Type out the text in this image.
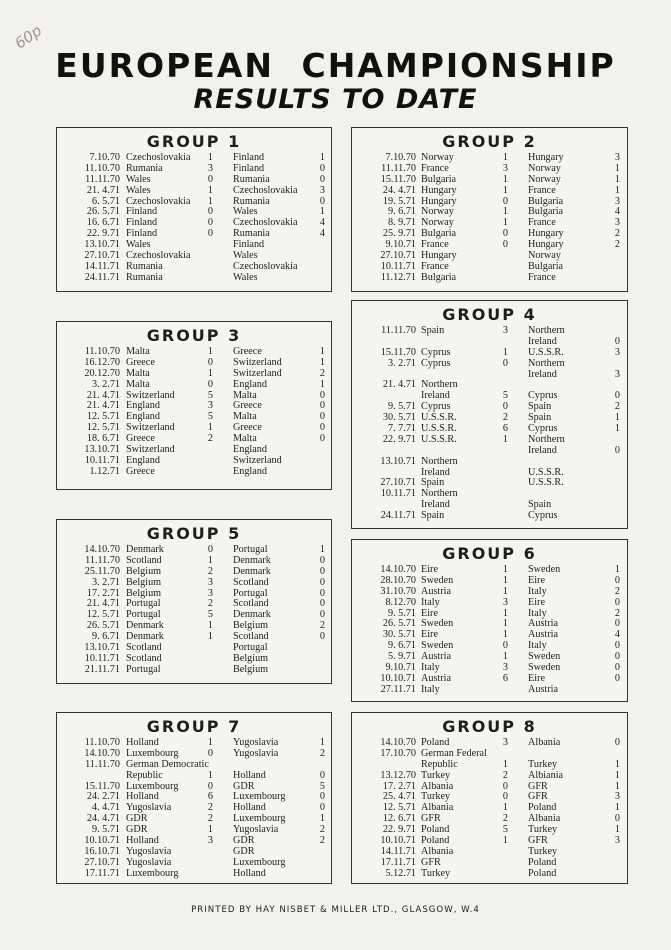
60p
EUROPEAN CHAMPIONSHIP
RESULTS TO DATE
GROUP 1
7.10.70 Czechoslovakia	1 Finland	1
11.10.70 Rumania	3 Finland	0
11.11.70 Wales	0 Rumania	0
21. 4.71 Wales	1 Czechoslovakia	3
6. 5.71 Czechoslovakia	1 Rumania	0
26. 5.71 Finland	0 Wales	1
16. 6.71 Finland	0 Czechoslovakia	4
22. 9.71 Finland	0 Rumania	4
13.10.71 Wales	Finland
27.10.71 Czechoslovakia	Wales
14.11.71 Rumania	Czechoslovakia
24.11.71 Rumania	Wales
GROUP 2
7.10.70 Norway	1 Hungary	3
11.11.70 France	3 Norway	1
15.11.70 Bulgaria	1 Norway	1
24. 4.71 Hungary	1 France	1
19. 5.71 Hungary	0 Bulgaria	3
9. 6.71 Norway	1 Bulgaria	4
8. 9.71 Norway	1 France	3
25. 9.71 Bulgaria	0 Hungary	2
9.10.71 France	0 Hungary	2
27.10.71 Hungary	Norway
10.11.71 France	Bulgaria
11.12.71 Bulgaria	France
GROUP 3
11.10.70 Malta	1 Greece	1
16.12.70 Greece	0 Switzerland	1
20.12.70 Malta	1 Switzerland	2
3. 2.71 Malta	0 England	1
21. 4.71 Switzerland	5 Malta	0
21. 4.71 England	3 Greece	0
12. 5.71 England	5 Malta	0
12. 5.71 Switzerland	1 Greece	0
18. 6.71 Greece	2 Malta	0
13.10.71 Switzerland	England
10.11.71 England	Switzerland
1.12.71 Greece	England
GROUP 4
11.11.70 Spain	3 Northern
Ireland	0
15.11.70 Cyprus	1 U.S.S.R.	3
3. 2.71 Cyprus	0 Northern
Ireland	3
21. 4.71 Northern
Ireland	5 Cyprus	0
9. 5.71 Cyprus	0 Spain	2
30. 5.71 U.S.S.R.	2 Spain	1
7. 7.71 U.S.S.R.	6 Cyprus	1
22. 9.71 U.S.S.R.	1 Northern
Ireland	0
13.10.71 Northern
Ireland	U.S.S.R.
27.10.71 Spain	U.S.S.R.
10.11.71 Northern
Ireland	Spain
24.11.71 Spain	Cyprus
GROUP 5
14.10.70 Denmark	0 Portugal	1
11.11.70 Scotland	1 Denmark	0
25.11.70 Belgium	2 Denmark	0
3. 2.71 Belgium	3 Scotland	0
17. 2.71 Belgium	3 Portugal	0
21. 4.71 Portugal	2 Scotland	0
12. 5.71 Portugal	5 Denmark	0
26. 5.71 Denmark	1 Belgium	2
9. 6.71 Denmark	1 Scotland	0
13.10.71 Scotland	Portugal
10.11.71 Scotland	Belgium
21.11.71 Portugal	Belgium
GROUP 6
14.10.70 Eire	1 Sweden	1
28.10.70 Sweden	1 Eire	0
31.10.70 Austria	1 Italy	2
8.12.70 Italy	3 Eire	0
9. 5.71 Eire	1 Italy	2
26. 5.71 Sweden	1 Austria	0
30. 5.71 Eire	1 Austria	4
9. 6.71 Sweden	0 Italy	0
5. 9.71 Austria	1 Sweden	0
9.10.71 Italy	3 Sweden	0
10.10.71 Austria	6 Eire	0
27.11.71 Italy	Austria
GROUP 7
11.10.70 Holland	1 Yugoslavia	1
14.10.70 Luxembourg	0 Yugoslavia	2
11.11.70 German Democratic
Republic	1 Holland	0
15.11.70 Luxembourg	0 GDR	5
24. 2.71 Holland	6 Luxembourg	0
4. 4.71 Yugoslavia	2 Holland	0
24. 4.71 GDR	2 Luxembourg	1
9. 5.71 GDR	1 Yugoslavia	2
10.10.71 Holland	3 GDR	2
16.10.71 Yugoslavia	GDR
27.10.71 Yugoslavia	Luxembourg
17.11.71 Luxembourg	Holland
GROUP 8
14.10.70 Poland	3 Albania	0
17.10.70 German Federal
Republic	1 Turkey	1
13.12.70 Turkey	2 Albiania	1
17. 2.71 Albania	0 GFR	1
25. 4.71 Turkey	0 GFR	3
12. 5.71 Albania	1 Poland	1
12. 6.71 GFR	2 Albania	0
22. 9.71 Poland	5 Turkey	1
10.10.71 Poland	1 GFR	3
14.11.71 Albania	Turkey
17.11.71 GFR	Poland
5.12.71 Turkey	Poland
PRINTED BY HAY NISBET & MILLER LTD., GLASGOW, W.4
